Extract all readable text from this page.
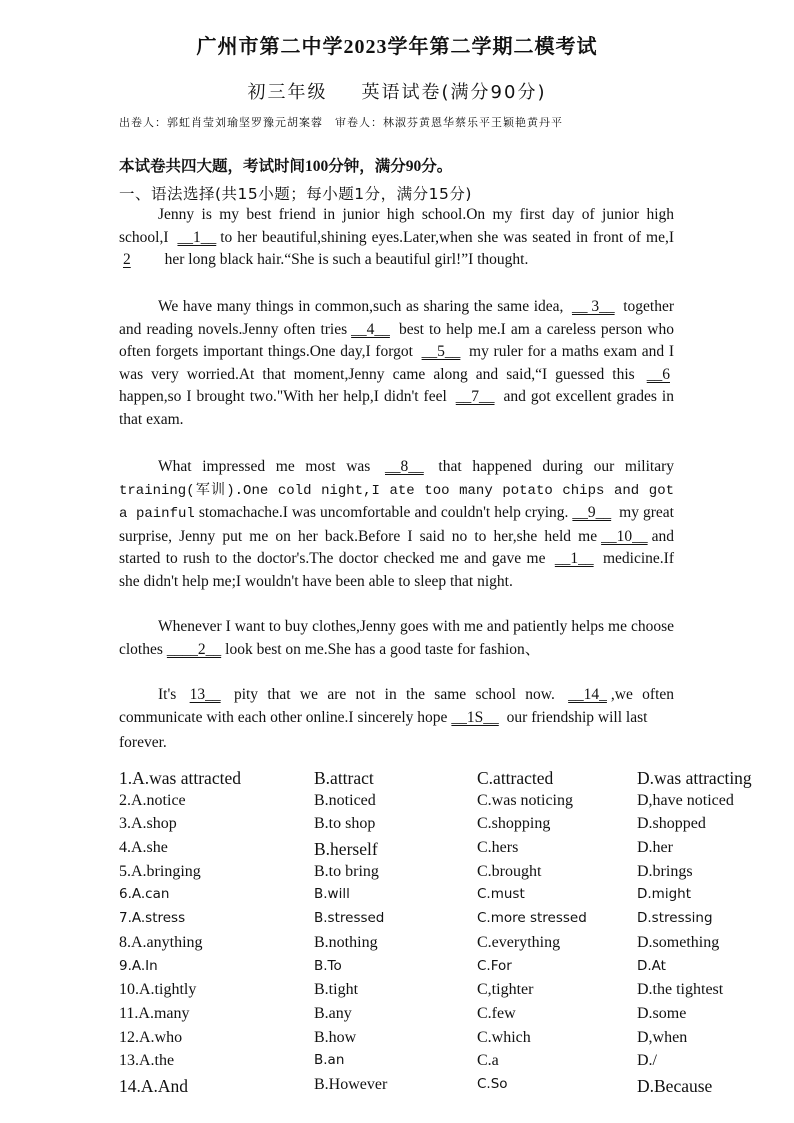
广州市第二中学2023学年第二学期二模考试
初三年级 英语试卷(满分90分)
出卷人：郭虹肖莹刘瑜坚罗豫元胡案蓉 审卷人：林淑芬黄恩华蔡乐平王颖艳黄丹平
本试卷共四大题，考试时间100分钟，满分90分。
一、语法选择(共15小题；每小题1分，满分15分)

Jenny is my best friend in junior high school.On my first day of junior high school,I __1__ to her beautiful,shining eyes.Later,when she was seated in front of me,I 2 her long black hair.“She is such a beautiful girl!”I thought.

We have many things in common,such as sharing the same idea, __ 3__ together and reading novels.Jenny often tries __4__ best to help me.I am a careless person who often forgets important things.One day,I forgot __5__ my ruler for a maths exam and I was very worried.At that moment,Jenny came along and said,“I guessed this __6 happen,so I brought two."With her help,I didn't feel __7__ and got excellent grades in that exam.

What impressed me most was __8__ that happened during our military training(军训).One cold night,I ate too many potato chips and got a painful stomachache.I was uncomfortable and couldn't help crying. __9__ my great surprise, Jenny put me on her back.Before I said no to her,she held me __10__ and started to rush to the doctor's.The doctor checked me and gave me __1__ medicine.If she didn't help me;I wouldn't have been able to sleep that night.

Whenever I want to buy clothes,Jenny goes with me and patiently helps me choose clothes ____2__ look best on me.She has a good taste for fashion、

It's 13__ pity that we are not in the same school now. __14_ ,we often communicate with each other online.I sincerely hope __1S__ our friendship will last

forever.

1.A.was attracted	B.attract	C.attracted	D.was attracting
2.A.notice	B.noticed	C.was noticing	D,have noticed
3.A.shop	B.to shop	C.shopping	D.shopped
4.A.she	B.herself	C.hers	D.her
5.A.bringing	B.to bring	C.brought	D.brings
6.A.can	B.will	C.must	D.might
7.A.stress	B.stressed	C.more stressed	D.stressing
8.A.anything	B.nothing	C.everything	D.something
9.A.In	B.To	C.For	D.At
10.A.tightly	B.tight	C,tighter	D.the tightest
11.A.many	B.any	C.few	D.some
12.A.who	B.how	C.which	D,when
13.A.the	B.an	C.a	D./
14.A.And	B.However	C.So	D.Because
